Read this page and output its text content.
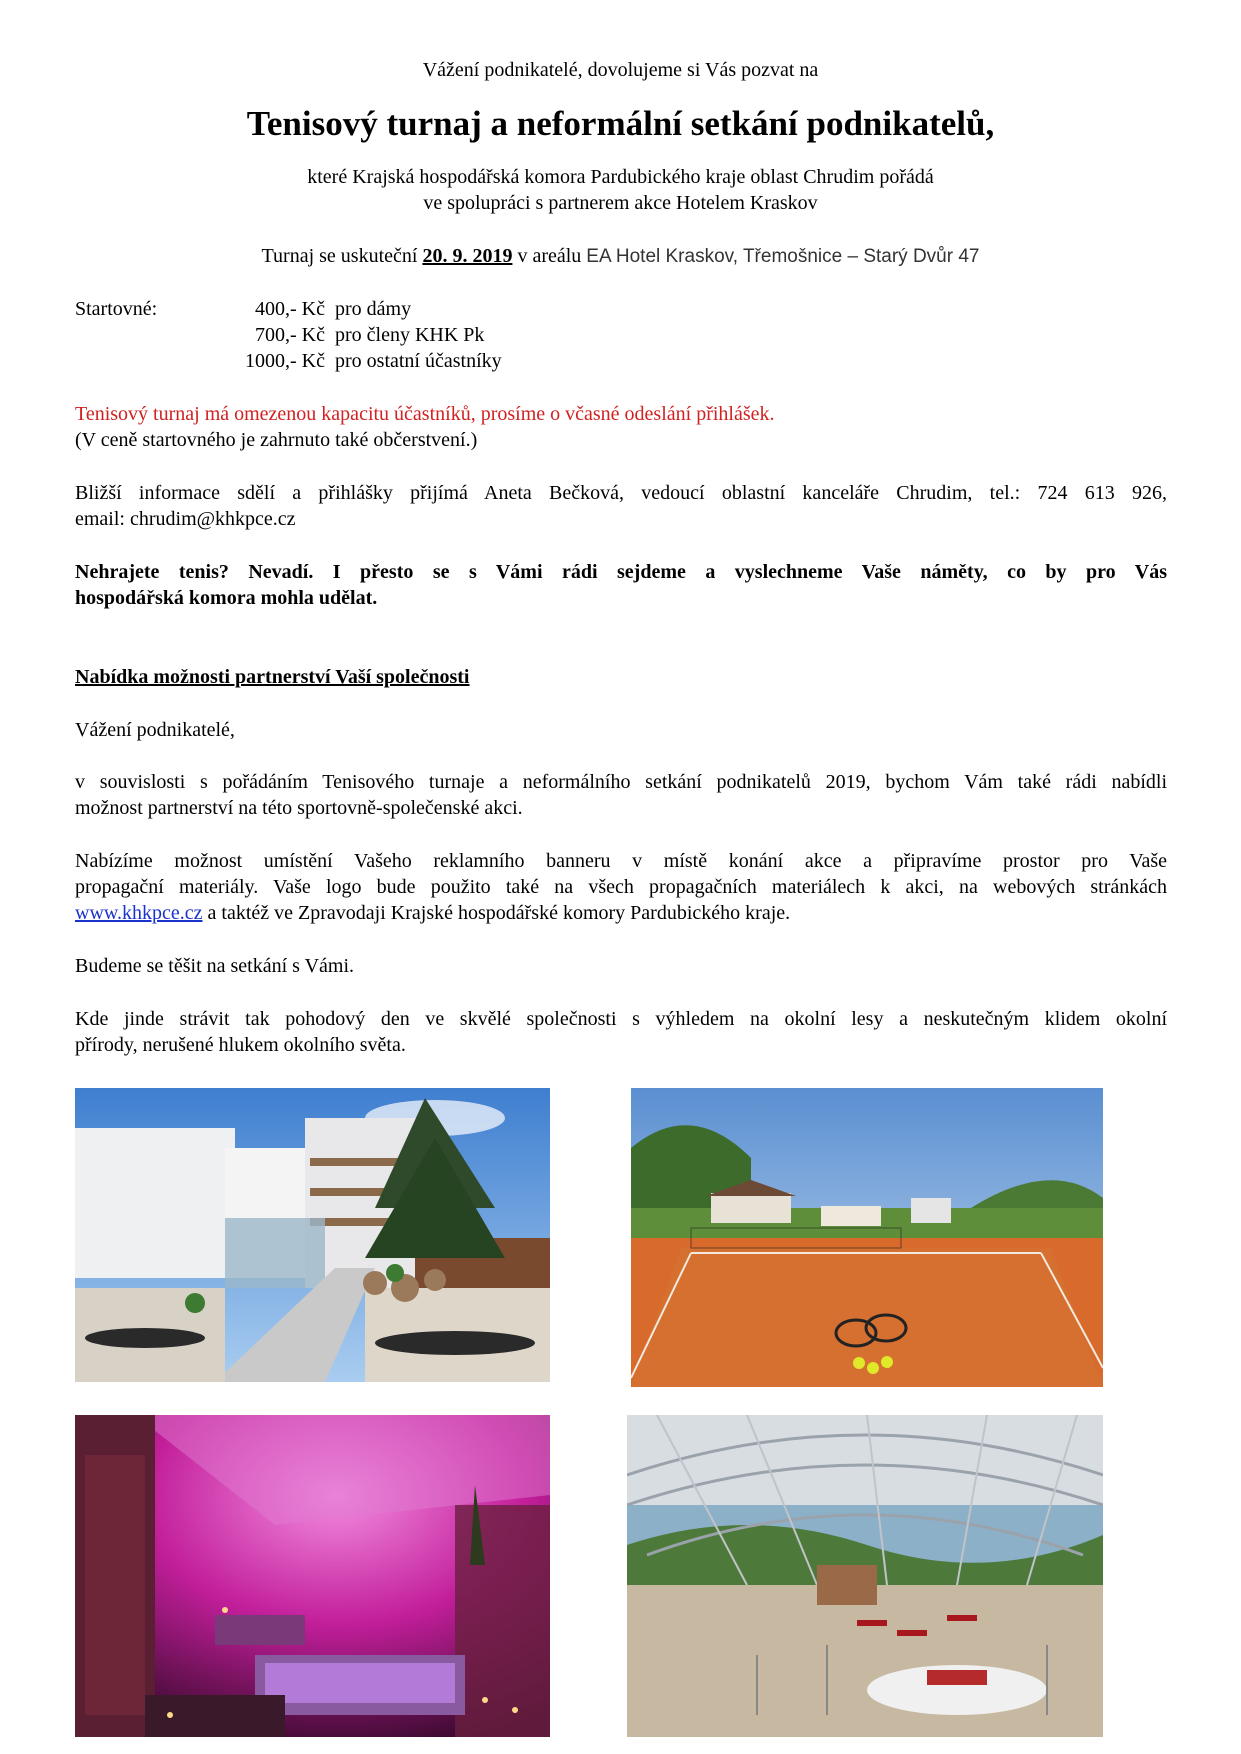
Vážení podnikatelé, dovolujeme si Vás pozvat na
Tenisový turnaj a neformální setkání podnikatelů,
které Krajská hospodářská komora Pardubického kraje oblast Chrudim pořádá
ve spolupráci s partnerem akce Hotelem Kraskov
Turnaj se uskuteční 20. 9. 2019 v areálu EA Hotel Kraskov, Třemošnice – Starý Dvůr 47
Startovné:	400,- Kč pro dámy
700,- Kč pro členy KHK Pk
1000,- Kč pro ostatní účastníky
Tenisový turnaj má omezenou kapacitu účastníků, prosíme o včasné odeslání přihlášek.
(V ceně startovného je zahrnuto také občerstvení.)
Bližší informace sdělí a přihlášky přijímá Aneta Bečková, vedoucí oblastní kanceláře Chrudim, tel.: 724 613 926,
email: chrudim@khkpce.cz
Nehrajete tenis? Nevadí. I přesto se s Vámi rádi sejdeme a vyslechneme Vaše náměty, co by pro Vás
hospodářská komora mohla udělat.
Nabídka možnosti partnerství Vaší společnosti
Vážení podnikatelé,
v souvislosti s pořádáním Tenisového turnaje a neformálního setkání podnikatelů 2019, bychom Vám také rádi nabídli
možnost partnerství na této sportovně-společenské akci.
Nabízíme možnost umístění Vašeho reklamního banneru v místě konání akce a připravíme prostor pro Vaše
propagační materiály. Vaše logo bude použito také na všech propagačních materiálech k akci, na webových stránkách
www.khkpce.cz a taktéž ve Zpravodaji Krajské hospodářské komory Pardubického kraje.
Budeme se těšit na setkání s Vámi.
Kde jinde strávit tak pohodový den ve skvělé společnosti s výhledem na okolní lesy a neskutečným klidem okolní
přírody, nerušené hlukem okolního světa.
